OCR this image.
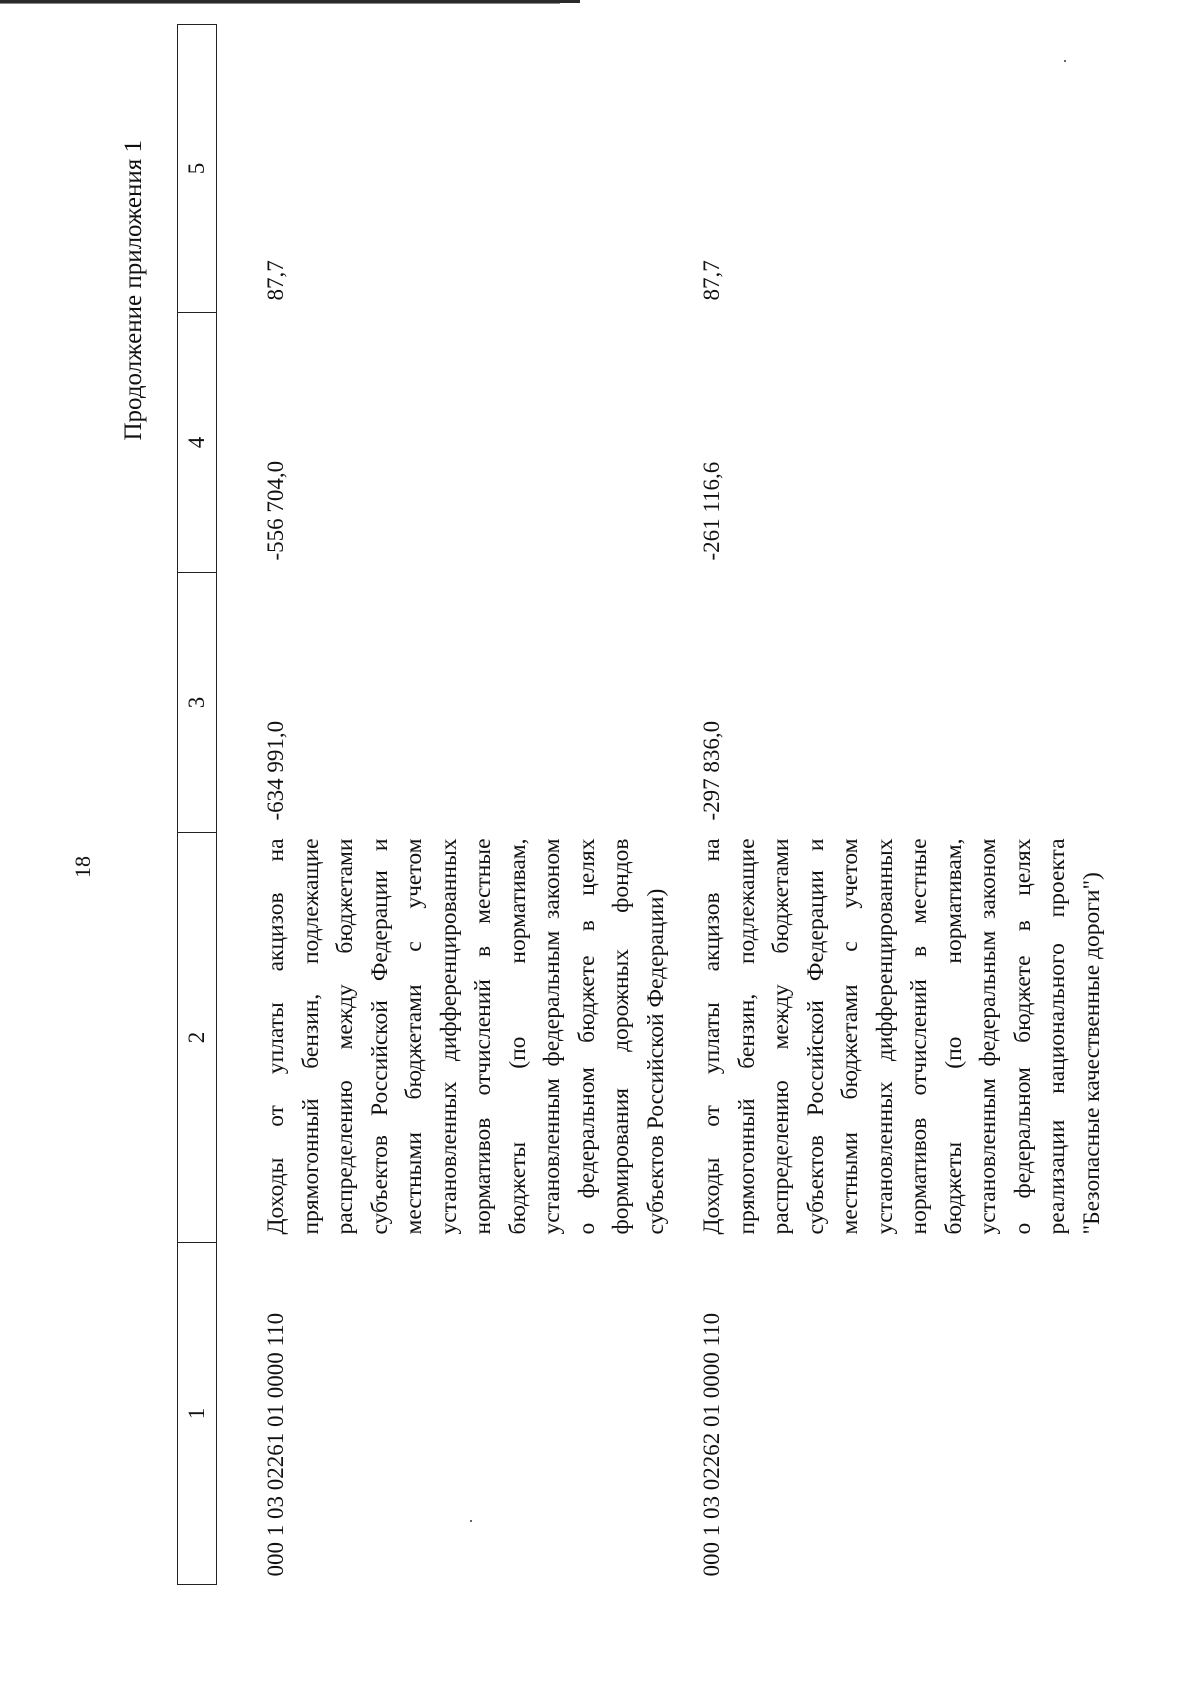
18
Продолжение приложения 1
1	2	3	4	5
000 1 03 02261 01 0000 110	Доходы от уплаты акцизов на прямогонный бензин, подлежащие распределению между бюджетами субъектов Российской Федерации и местными бюджетами с учетом установленных дифференцированных нормативов отчислений в местные бюджеты (по нормативам, установленным федеральным законом о федеральном бюджете в целях формирования дорожных фондов субъектов Российской Федерации)	-634 991,0	-556 704,0	87,7
000 1 03 02262 01 0000 110	Доходы от уплаты акцизов на прямогонный бензин, подлежащие распределению между бюджетами субъектов Российской Федерации и местными бюджетами с учетом установленных дифференцированных нормативов отчислений в местные бюджеты (по нормативам, установленным федеральным законом о федеральном бюджете в целях реализации национального проекта "Безопасные качественные дороги")	-297 836,0	-261 116,6	87,7
